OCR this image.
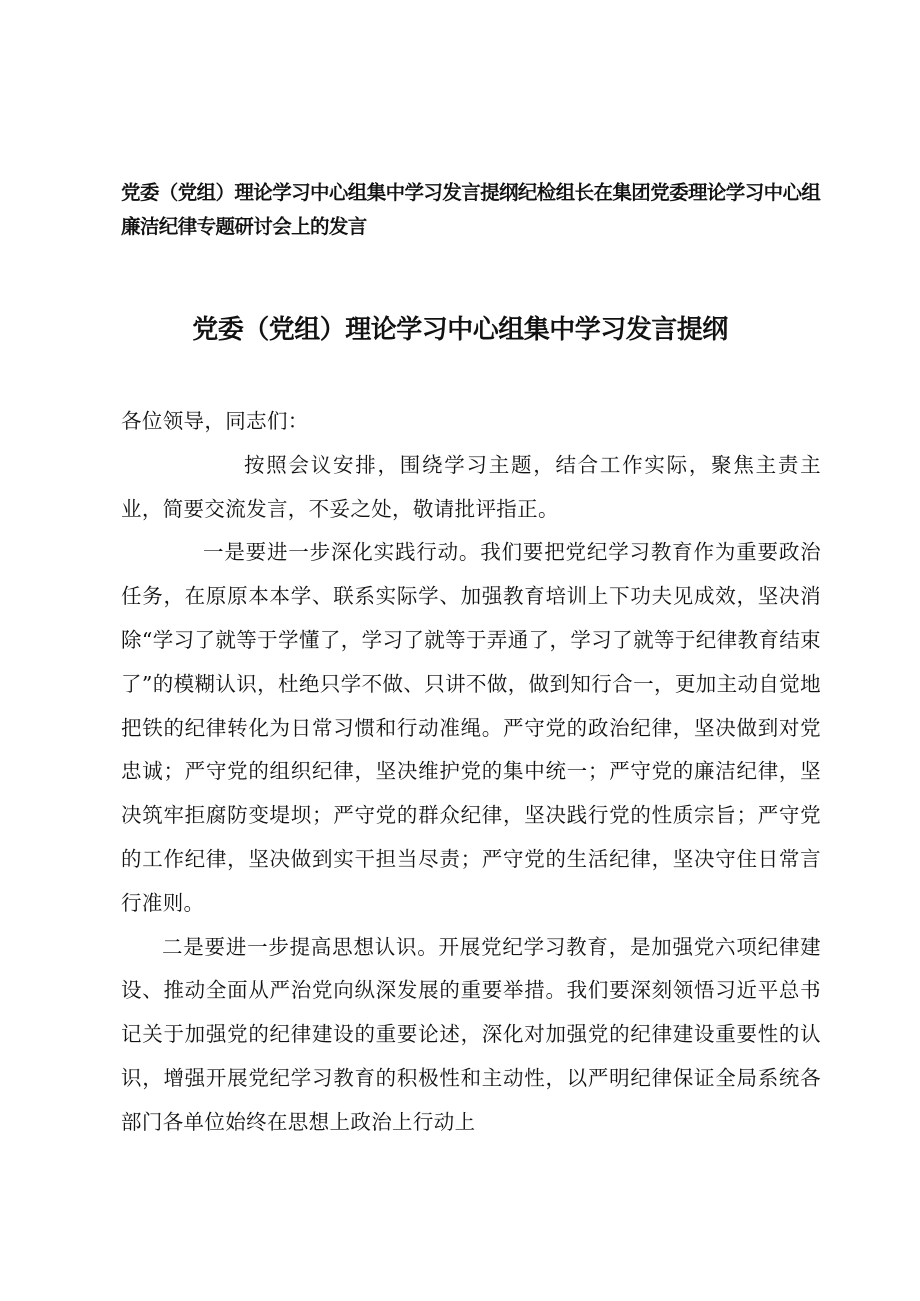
党委（党组）理论学习中心组集中学习发言提纲纪检组长在集团党委理论学习中心组廉洁纪律专题研讨会上的发言
党委（党组）理论学习中心组集中学习发言提纲

各位领导，同志们：

按照会议安排，围绕学习主题，结合工作实际，聚焦主责主业，简要交流发言，不妥之处，敬请批评指正。

一是要进一步深化实践行动。我们要把党纪学习教育作为重要政治任务，在原原本本学、联系实际学、加强教育培训上下功夫见成效，坚决消除“学习了就等于学懂了，学习了就等于弄通了，学习了就等于纪律教育结束了”的模糊认识，杜绝只学不做、只讲不做，做到知行合一，更加主动自觉地把铁的纪律转化为日常习惯和行动准绳。严守党的政治纪律，坚决做到对党忠诚；严守党的组织纪律，坚决维护党的集中统一；严守党的廉洁纪律，坚决筑牢拒腐防变堤坝；严守党的群众纪律，坚决践行党的性质宗旨；严守党的工作纪律，坚决做到实干担当尽责；严守党的生活纪律，坚决守住日常言行准则。

二是要进一步提高思想认识。开展党纪学习教育，是加强党六项纪律建设、推动全面从严治党向纵深发展的重要举措。我们要深刻领悟习近平总书记关于加强党的纪律建设的重要论述，深化对加强党的纪律建设重要性的认识，增强开展党纪学习教育的积极性和主动性，以严明纪律保证全局系统各部门各单位始终在思想上政治上行动上
